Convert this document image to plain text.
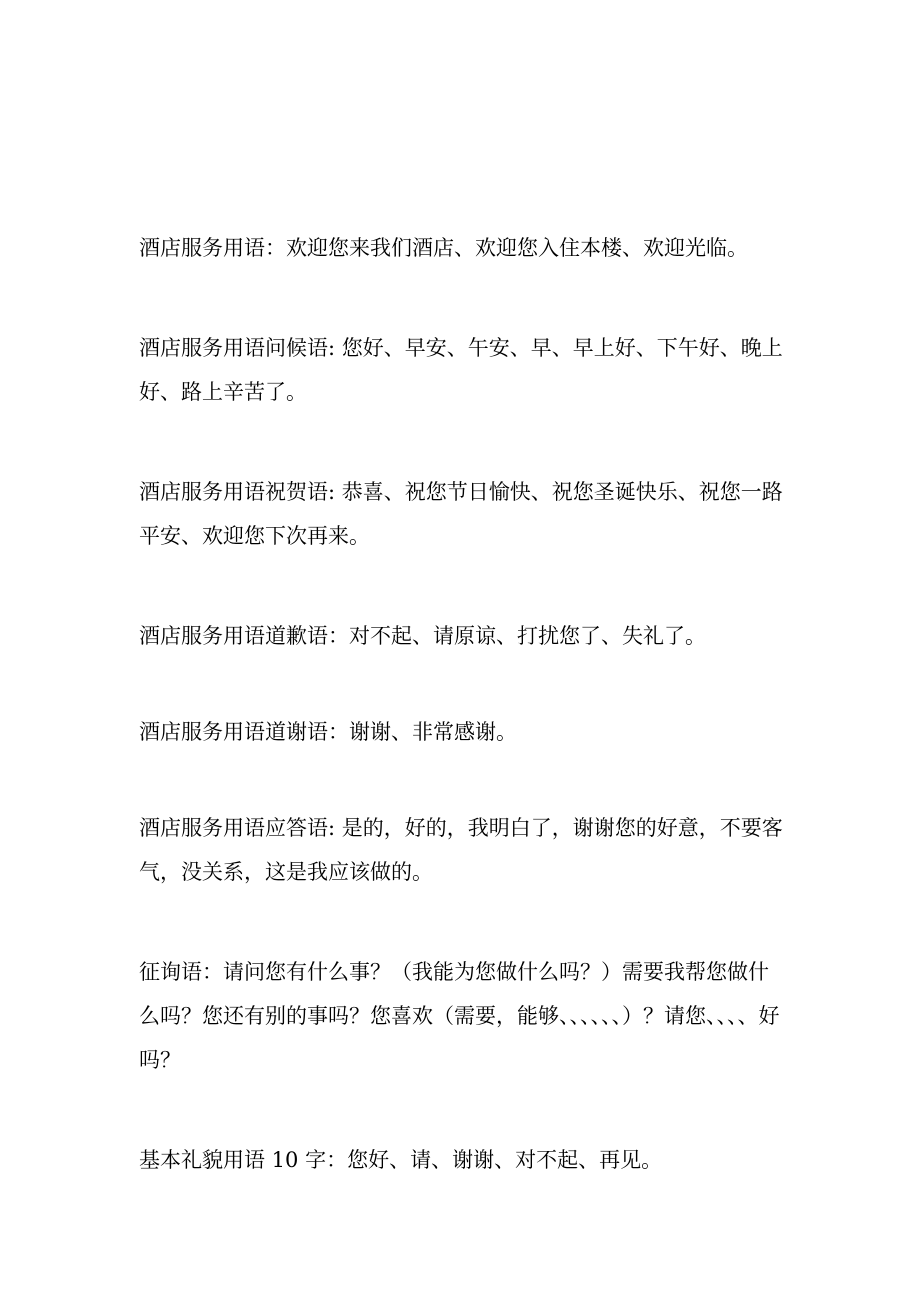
酒店服务用语：欢迎您来我们酒店、欢迎您入住本楼、欢迎光临。

酒店服务用语问候语: 您好、早安、午安、早、早上好、下午好、晚上好、路上辛苦了。

酒店服务用语祝贺语: 恭喜、祝您节日愉快、祝您圣诞快乐、祝您一路平安、欢迎您下次再来。

酒店服务用语道歉语：对不起、请原谅、打扰您了、失礼了。

酒店服务用语道谢语：谢谢、非常感谢。

酒店服务用语应答语: 是的，好的，我明白了，谢谢您的好意，不要客气，没关系，这是我应该做的。

征询语：请问您有什么事？（我能为您做什么吗？）需要我帮您做什么吗？您还有别的事吗？您喜欢（需要，能够、、、、、、）？请您、、、、好吗？

基本礼貌用语 10 字：您好、请、谢谢、对不起、再见。
